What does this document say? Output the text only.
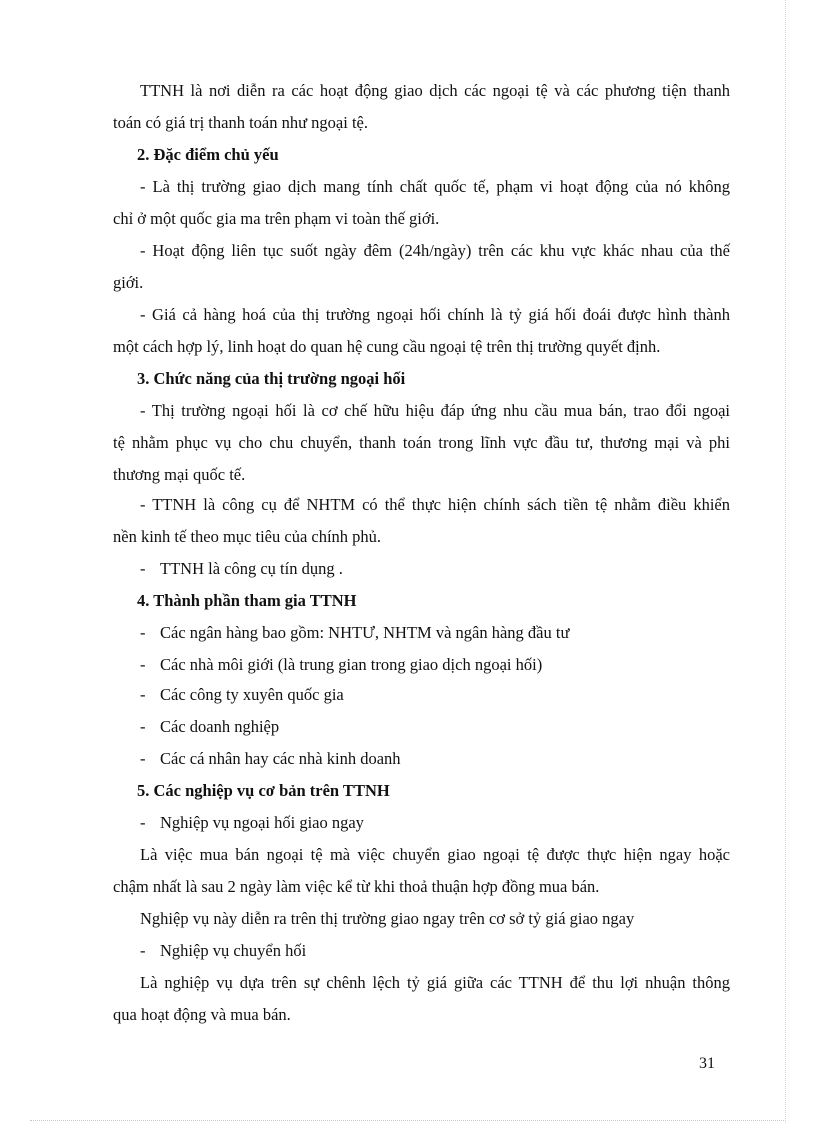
TTNH là nơi diễn ra các hoạt động giao dịch các ngoại tệ và các phương tiện thanh
toán có giá trị thanh toán như ngoại tệ.
2. Đặc điểm chủ yếu
- Là thị trường giao dịch mang tính chất quốc tế, phạm vi hoạt động của nó không
chỉ ở một quốc gia ma trên phạm vi toàn thế giới.
- Hoạt động liên tục suốt ngày đêm (24h/ngày) trên các khu vực khác nhau của thế
giới.
- Giá cả hàng hoá của thị trường ngoại hối chính là tỷ giá hối đoái được hình thành
một cách hợp lý, linh hoạt do quan hệ cung cầu ngoại tệ trên thị trường quyết định.
3. Chức năng của thị trường ngoại hối
- Thị trường ngoại hối là cơ chế hữu hiệu đáp ứng nhu cầu mua bán, trao đổi ngoại
tệ nhằm phục vụ cho chu chuyển, thanh toán trong lĩnh vực đầu tư, thương mại và phi
thương mại quốc tế.
- TTNH là công cụ để NHTM có thể thực hiện chính sách tiền tệ nhằm điều khiển
nền kinh tế theo mục tiêu của chính phủ.
- TTNH là công cụ tín dụng .
4. Thành phần tham gia TTNH
- Các ngân hàng bao gồm: NHTƯ, NHTM và ngân hàng đầu tư
- Các nhà môi giới (là trung gian trong giao dịch ngoại hối)
- Các công ty xuyên quốc gia
- Các doanh nghiệp
- Các cá nhân hay các nhà kinh doanh
5. Các nghiệp vụ cơ bản trên TTNH
- Nghiệp vụ ngoại hối giao ngay
Là việc mua bán ngoại tệ mà việc chuyển giao ngoại tệ được thực hiện ngay hoặc
chậm nhất là sau 2 ngày làm việc kể từ khi thoả thuận hợp đồng mua bán.
Nghiệp vụ này diễn ra trên thị trường giao ngay trên cơ sở tỷ giá giao ngay
- Nghiệp vụ chuyển hối
Là nghiệp vụ dựa trên sự chênh lệch tỷ giá giữa các TTNH để thu lợi nhuận thông
qua hoạt động và mua bán.
31
